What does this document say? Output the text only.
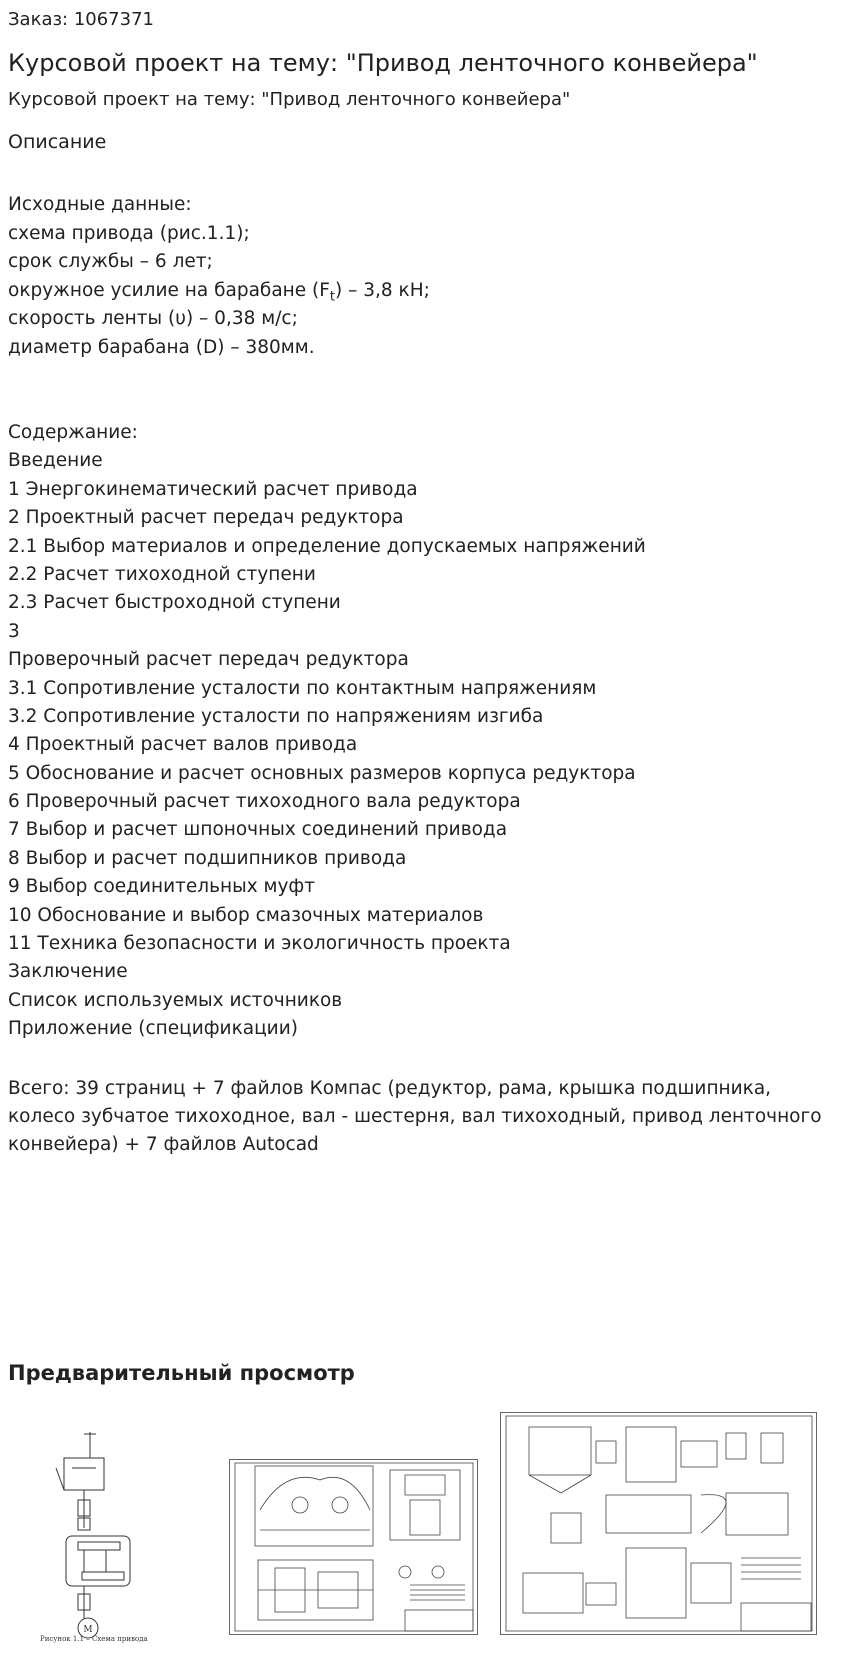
Заказ: 1067371
Курсовой проект на тему: "Привод ленточного конвейера"
Курсовой проект на тему: "Привод ленточного конвейера"
Описание
Исходные данные:
схема привода (рис.1.1);
срок службы – 6 лет;
окружное усилие на барабане $(F_t) - 3,8$ кН;
скорость ленты (υ) – 0,38 м/с;
диаметр барабана (D) – 380мм.
Содержание:
Введение
1 Энергокинематический расчет привода
2 Проектный расчет передач редуктора
2.1 Выбор материалов и определение допускаемых напряжений
2.2 Расчет тихоходной ступени
2.3 Расчет быстроходной ступени
3
Проверочный расчет передач редуктора
3.1 Сопротивление усталости по контактным напряжениям
3.2 Сопротивление усталости по напряжениям изгиба
4 Проектный расчет валов привода
5 Обоснование и расчет основных размеров корпуса редуктора
6 Проверочный расчет тихоходного вала редуктора
7 Выбор и расчет шпоночных соединений привода
8 Выбор и расчет подшипников привода
9 Выбор соединительных муфт
10 Обоснование и выбор смазочных материалов
11 Техника безопасности и экологичность проекта
Заключение
Список используемых источников
Приложение (спецификации)
Всего: 39 страниц + 7 файлов Компас (редуктор, рама, крышка подшипника, колесо зубчатое тихоходное, вал - шестерня, вал тихоходный, привод ленточного конвейера) + 7 файлов Autocad
Предварительный просмотр
M
Рисунок 1.1 – Схема привода
